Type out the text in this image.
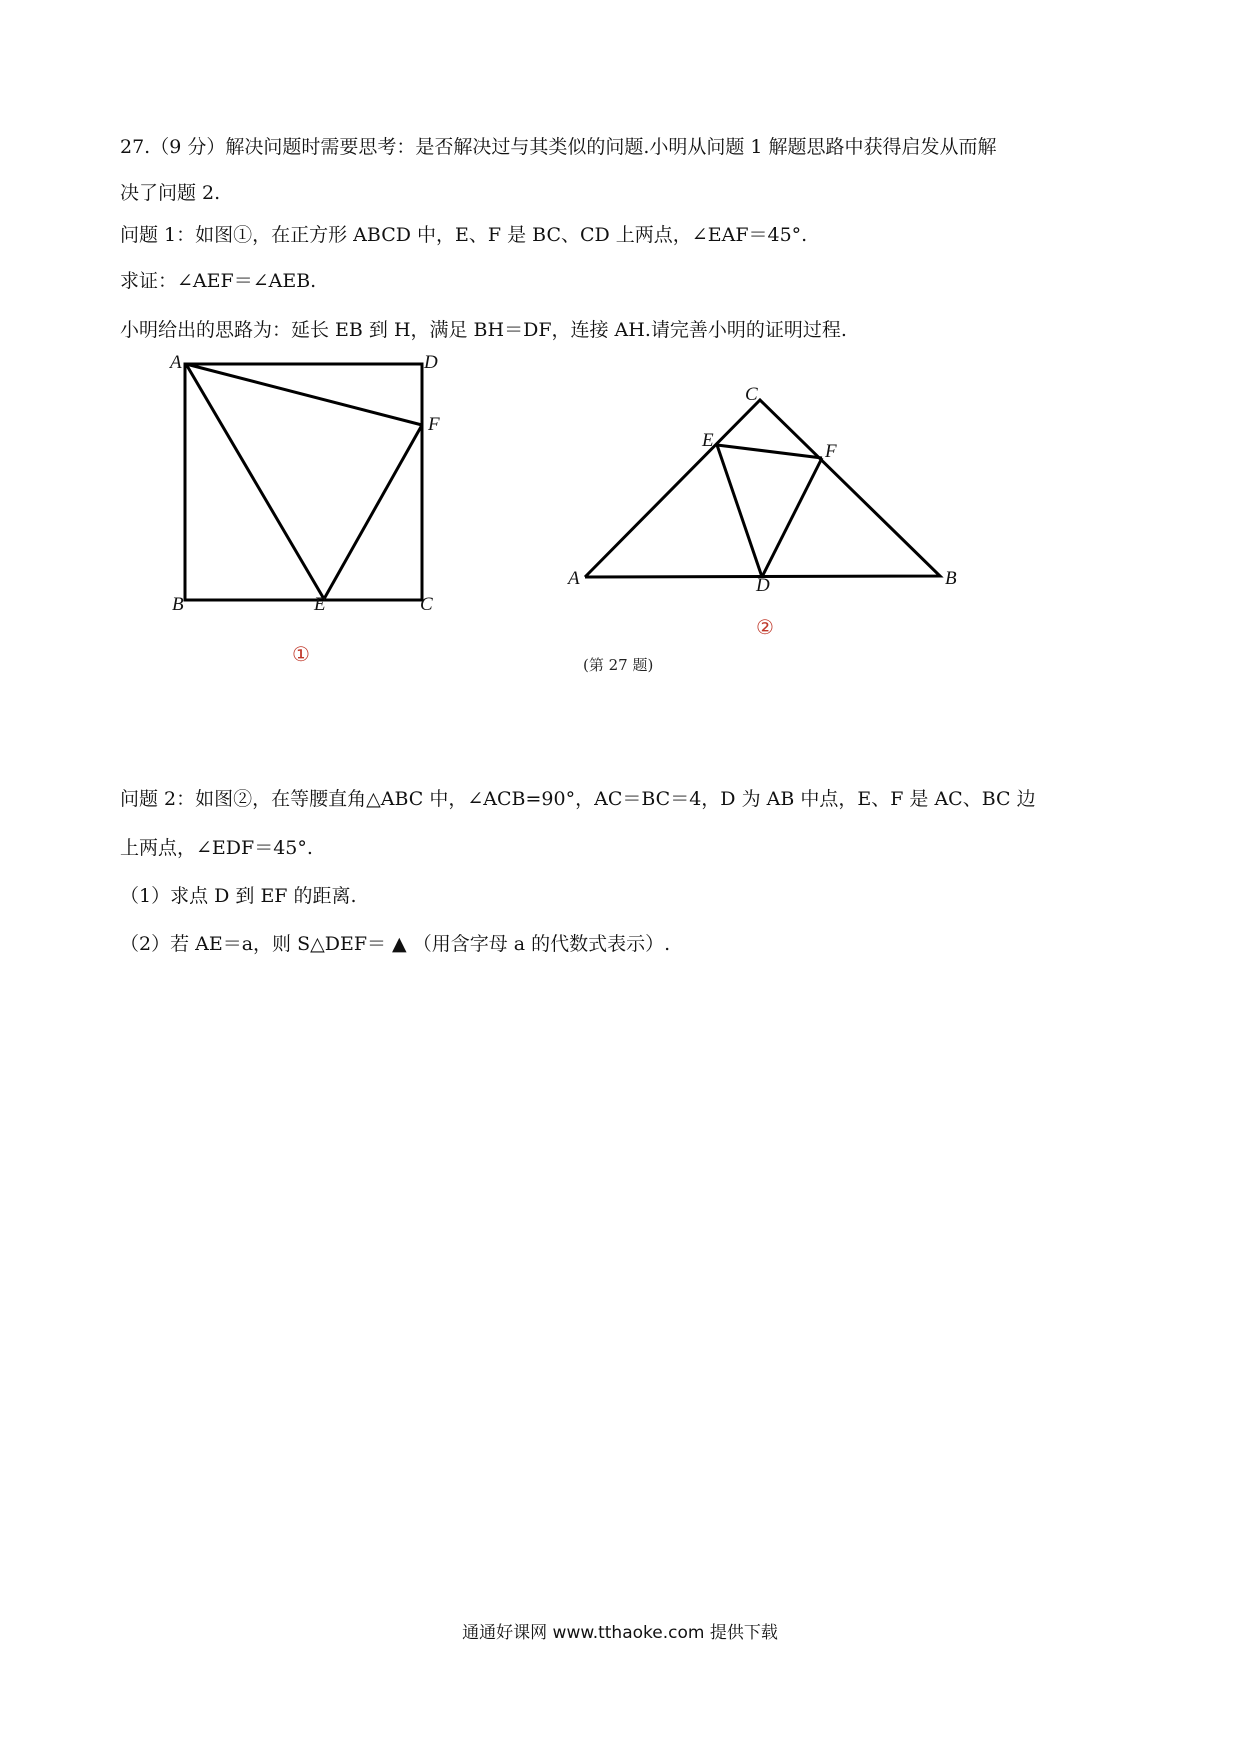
27.（9 分）解决问题时需要思考：是否解决过与其类似的问题.小明从问题 1 解题思路中获得启发从而解
决了问题 2.
问题 1：如图①，在正方形 ABCD 中，E、F 是 BC、CD 上两点，∠EAF＝45°.
求证：∠AEF＝∠AEB.
小明给出的思路为：延长 EB 到 H，满足 BH＝DF，连接 AH.请完善小明的证明过程.
A	D
F
B	E	C
①
C
E
F
A	D	B
②
(第 27 题)
问题 2：如图②，在等腰直角△ABC 中，∠ACB=90°，AC＝BC＝4，D 为 AB 中点，E、F 是 AC、BC 边
上两点，∠EDF＝45°.
（1）求点 D 到 EF 的距离.
（2）若 AE＝a，则 S△DEF＝ ▲ （用含字母 a 的代数式表示）.
通通好课网 www.tthaoke.com 提供下载
